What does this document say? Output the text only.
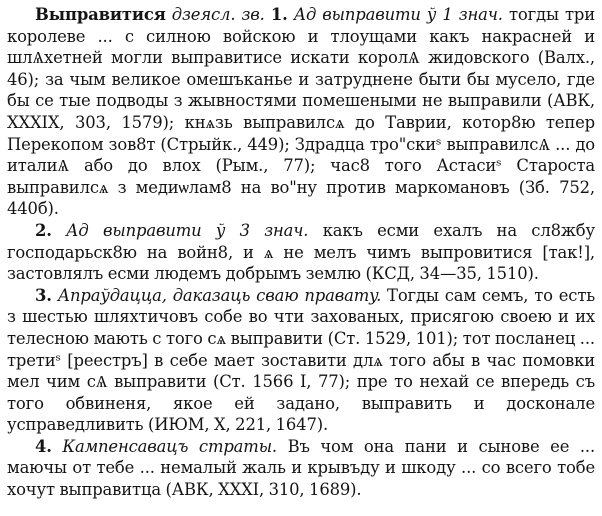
Выправитися дзеясл. зв. 1. Ад выправити ў 1 знач. тогды три королеве ... с силною войскою и тлоущами какъ накрасней и шлѦхетней могли выправитисе искати королѦ жидовского (Валх., 46); за чым великое омешъканье и затруднене быти бы мусело, где бы се тые подводы з жывностями помешеными не выправили (АВК, XXXIX, 303, 1579); кнѧзь выправилсѧ до Таврии, котор8ю тепер Перекопом зов8т (Стрыйк., 449); Здрадца тро"скиˢ выправилсѦ ... до италиѦ або до влох (Рым., 77); час8 того Астасиˢ Староста выправилсѧ з медиѡлам8 на во"ну против маркомановъ (Зб. 752, 440б).

2. Ад выправити ў 3 знач. какъ есми ехалъ на сл8жбу господарьск8ю на войн8, и ѧ не мелъ чимъ выпровитися [так!], застовлялъ есми людемъ добрымъ землю (КСД, 34—35, 1510).

3. Апраўдацца, даказаць сваю праваmy. Тогды сам семъ, то есть з шестью шляхтичовъ собе во чти захованых, присягою своею и их телесною мають с того сѧ выправити (Ст. 1529, 101); тот посланец ... третиˢ [реестръ] в себе мает зоставити длѧ того абы в час помовки мел чим сѦ выправити (Ст. 1566 I, 77); пре то нехай се впередь съ того обвиненя, якое ей задано, выправить и досконале усправедливить (ИЮМ, X, 221, 1647).

4. Кампенсавацъ страты. Въ чом она пани и сынове ее ... маючы от тебе ... немалый жаль и крывъду и шкоду ... со всего тобе хочут выправитца (АВК, XXXI, 310, 1689).
